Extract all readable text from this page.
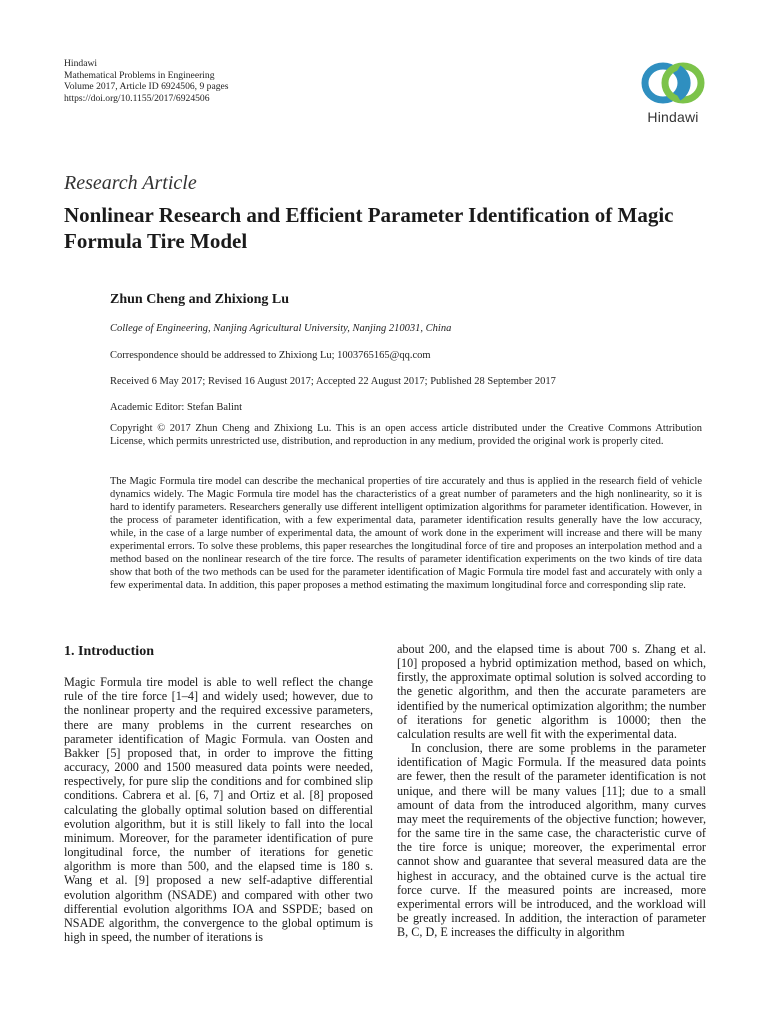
Hindawi
Mathematical Problems in Engineering
Volume 2017, Article ID 6924506, 9 pages
https://doi.org/10.1155/2017/6924506
Hindawi
Research Article
Nonlinear Research and Efficient Parameter Identification of Magic Formula Tire Model
Zhun Cheng and Zhixiong Lu
College of Engineering, Nanjing Agricultural University, Nanjing 210031, China
Correspondence should be addressed to Zhixiong Lu; 1003765165@qq.com
Received 6 May 2017; Revised 16 August 2017; Accepted 22 August 2017; Published 28 September 2017
Academic Editor: Stefan Balint
Copyright © 2017 Zhun Cheng and Zhixiong Lu. This is an open access article distributed under the Creative Commons Attribution License, which permits unrestricted use, distribution, and reproduction in any medium, provided the original work is properly cited.
The Magic Formula tire model can describe the mechanical properties of tire accurately and thus is applied in the research field of vehicle dynamics widely. The Magic Formula tire model has the characteristics of a great number of parameters and the high nonlinearity, so it is hard to identify parameters. Researchers generally use different intelligent optimization algorithms for parameter identification. However, in the process of parameter identification, with a few experimental data, parameter identification results generally have the low accuracy, while, in the case of a large number of experimental data, the amount of work done in the experiment will increase and there will be many experimental errors. To solve these problems, this paper researches the longitudinal force of tire and proposes an interpolation method and a method based on the nonlinear research of the tire force. The results of parameter identification experiments on the two kinds of tire data show that both of the two methods can be used for the parameter identification of Magic Formula tire model fast and accurately with only a few experimental data. In addition, this paper proposes a method estimating the maximum longitudinal force and corresponding slip rate.
1. Introduction

Magic Formula tire model is able to well reflect the change rule of the tire force [1–4] and widely used; however, due to the nonlinear property and the required excessive parameters, there are many problems in the current researches on parameter identification of Magic Formula. van Oosten and Bakker [5] proposed that, in order to improve the fitting accuracy, 2000 and 1500 measured data points were needed, respectively, for pure slip the conditions and for combined slip conditions. Cabrera et al. [6, 7] and Ortiz et al. [8] proposed calculating the globally optimal solution based on differential evolution algorithm, but it is still likely to fall into the local minimum. Moreover, for the parameter identification of pure longitudinal force, the number of iterations for genetic algorithm is more than 500, and the elapsed time is 180 s. Wang et al. [9] proposed a new self-adaptive differential evolution algorithm (NSADE) and compared with other two differential evolution algorithms IOA and SSPDE; based on NSADE algorithm, the convergence to the global optimum is high in speed, the number of iterations is

about 200, and the elapsed time is about 700 s. Zhang et al. [10] proposed a hybrid optimization method, based on which, firstly, the approximate optimal solution is solved according to the genetic algorithm, and then the accurate parameters are identified by the numerical optimization algorithm; the number of iterations for genetic algorithm is 10000; then the calculation results are well fit with the experimental data.

In conclusion, there are some problems in the parameter identification of Magic Formula. If the measured data points are fewer, then the result of the parameter identification is not unique, and there will be many values [11]; due to a small amount of data from the introduced algorithm, many curves may meet the requirements of the objective function; however, for the same tire in the same case, the characteristic curve of the tire force is unique; moreover, the experimental error cannot show and guarantee that several measured data are the highest in accuracy, and the obtained curve is the actual tire force curve. If the measured points are increased, more experimental errors will be introduced, and the workload will be greatly increased. In addition, the interaction of parameter B, C, D, E increases the difficulty in algorithm
